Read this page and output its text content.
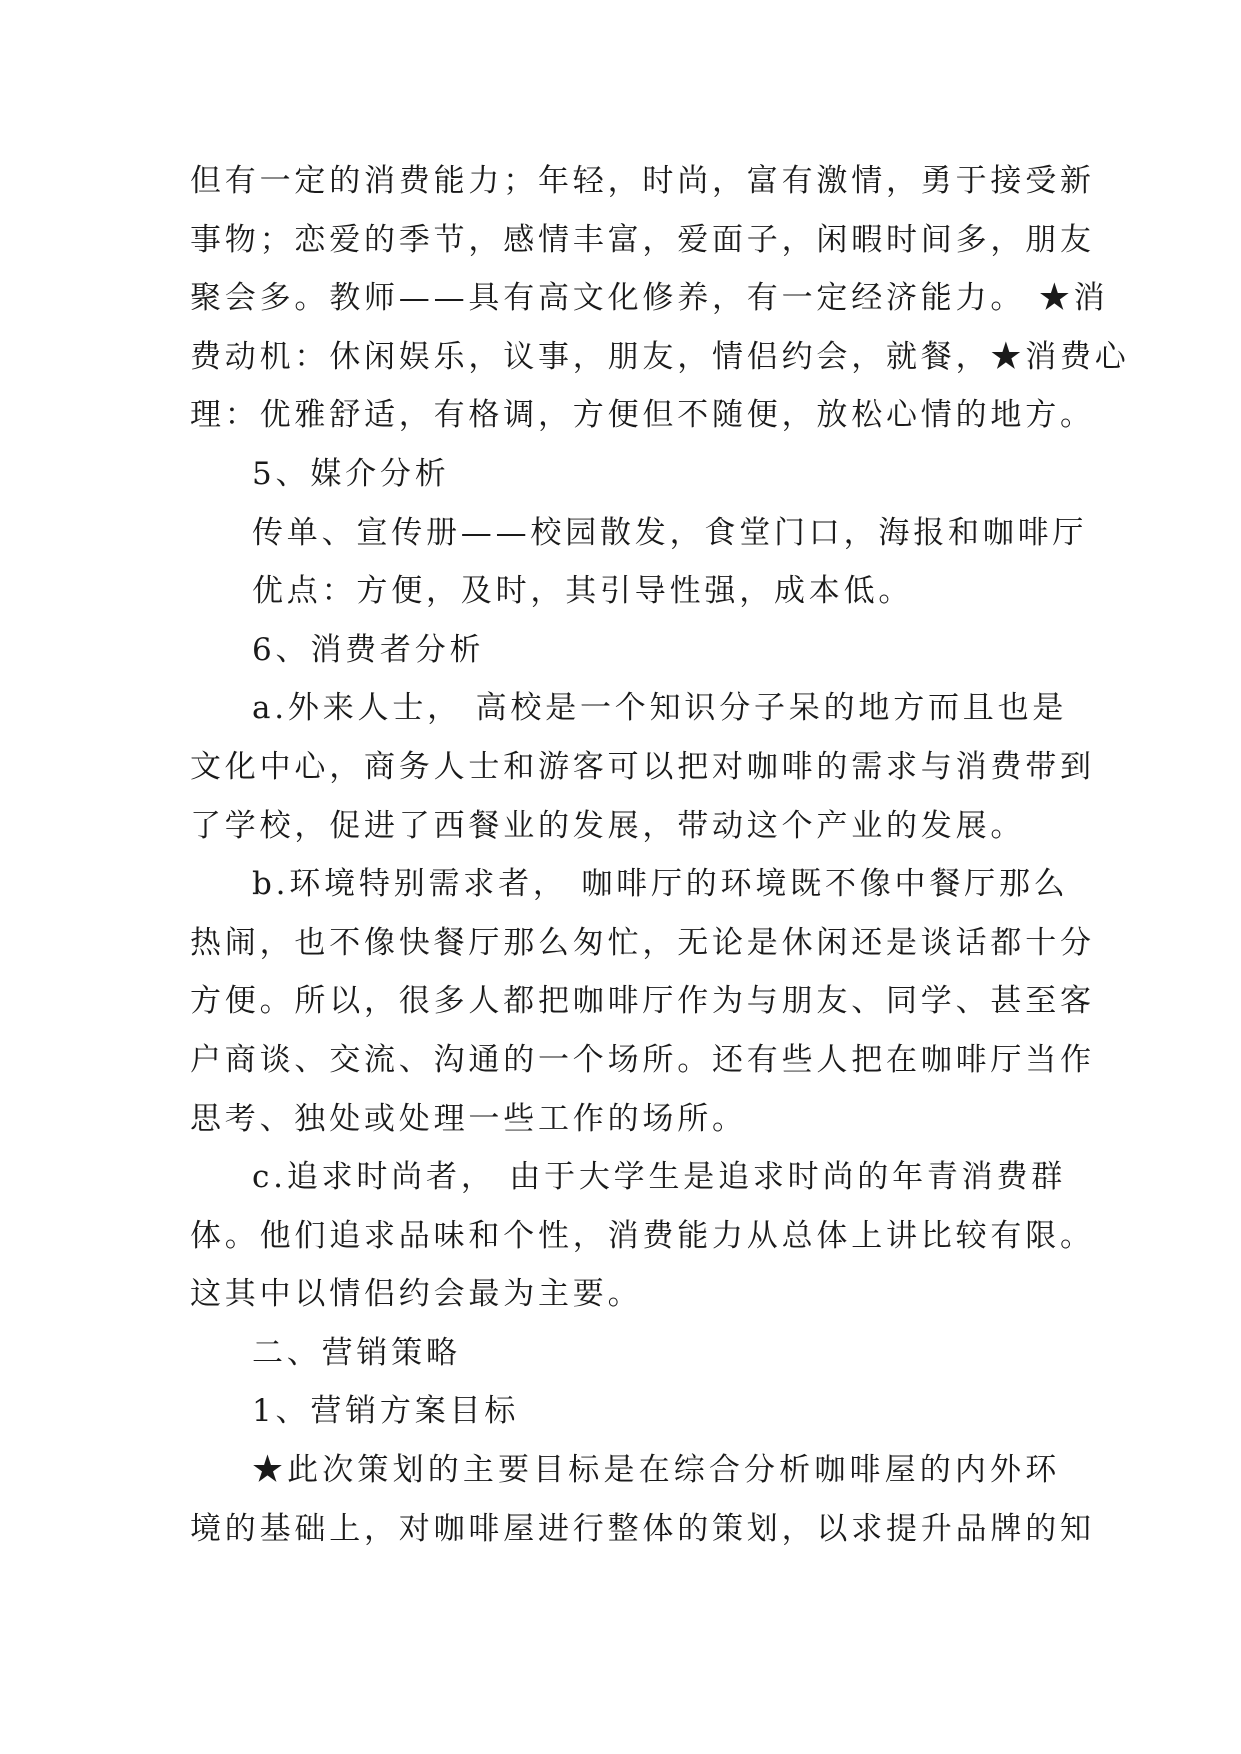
但有一定的消费能力；年轻，时尚，富有激情，勇于接受新
事物；恋爱的季节，感情丰富，爱面子，闲暇时间多，朋友
聚会多。教师——具有高文化修养，有一定经济能力。 ★消
费动机：休闲娱乐，议事，朋友，情侣约会，就餐，★消费心
理：优雅舒适，有格调，方便但不随便，放松心情的地方。
5、媒介分析
传单、宣传册——校园散发，食堂门口，海报和咖啡厅
优点：方便，及时，其引导性强，成本低。
6、消费者分析
a.外来人士， 高校是一个知识分子呆的地方而且也是
文化中心，商务人士和游客可以把对咖啡的需求与消费带到
了学校，促进了西餐业的发展，带动这个产业的发展。
b.环境特别需求者， 咖啡厅的环境既不像中餐厅那么
热闹，也不像快餐厅那么匆忙，无论是休闲还是谈话都十分
方便。所以，很多人都把咖啡厅作为与朋友、同学、甚至客
户商谈、交流、沟通的一个场所。还有些人把在咖啡厅当作
思考、独处或处理一些工作的场所。
c.追求时尚者， 由于大学生是追求时尚的年青消费群
体。他们追求品味和个性，消费能力从总体上讲比较有限。
这其中以情侣约会最为主要。
二、营销策略
1、营销方案目标
★此次策划的主要目标是在综合分析咖啡屋的内外环
境的基础上，对咖啡屋进行整体的策划，以求提升品牌的知
